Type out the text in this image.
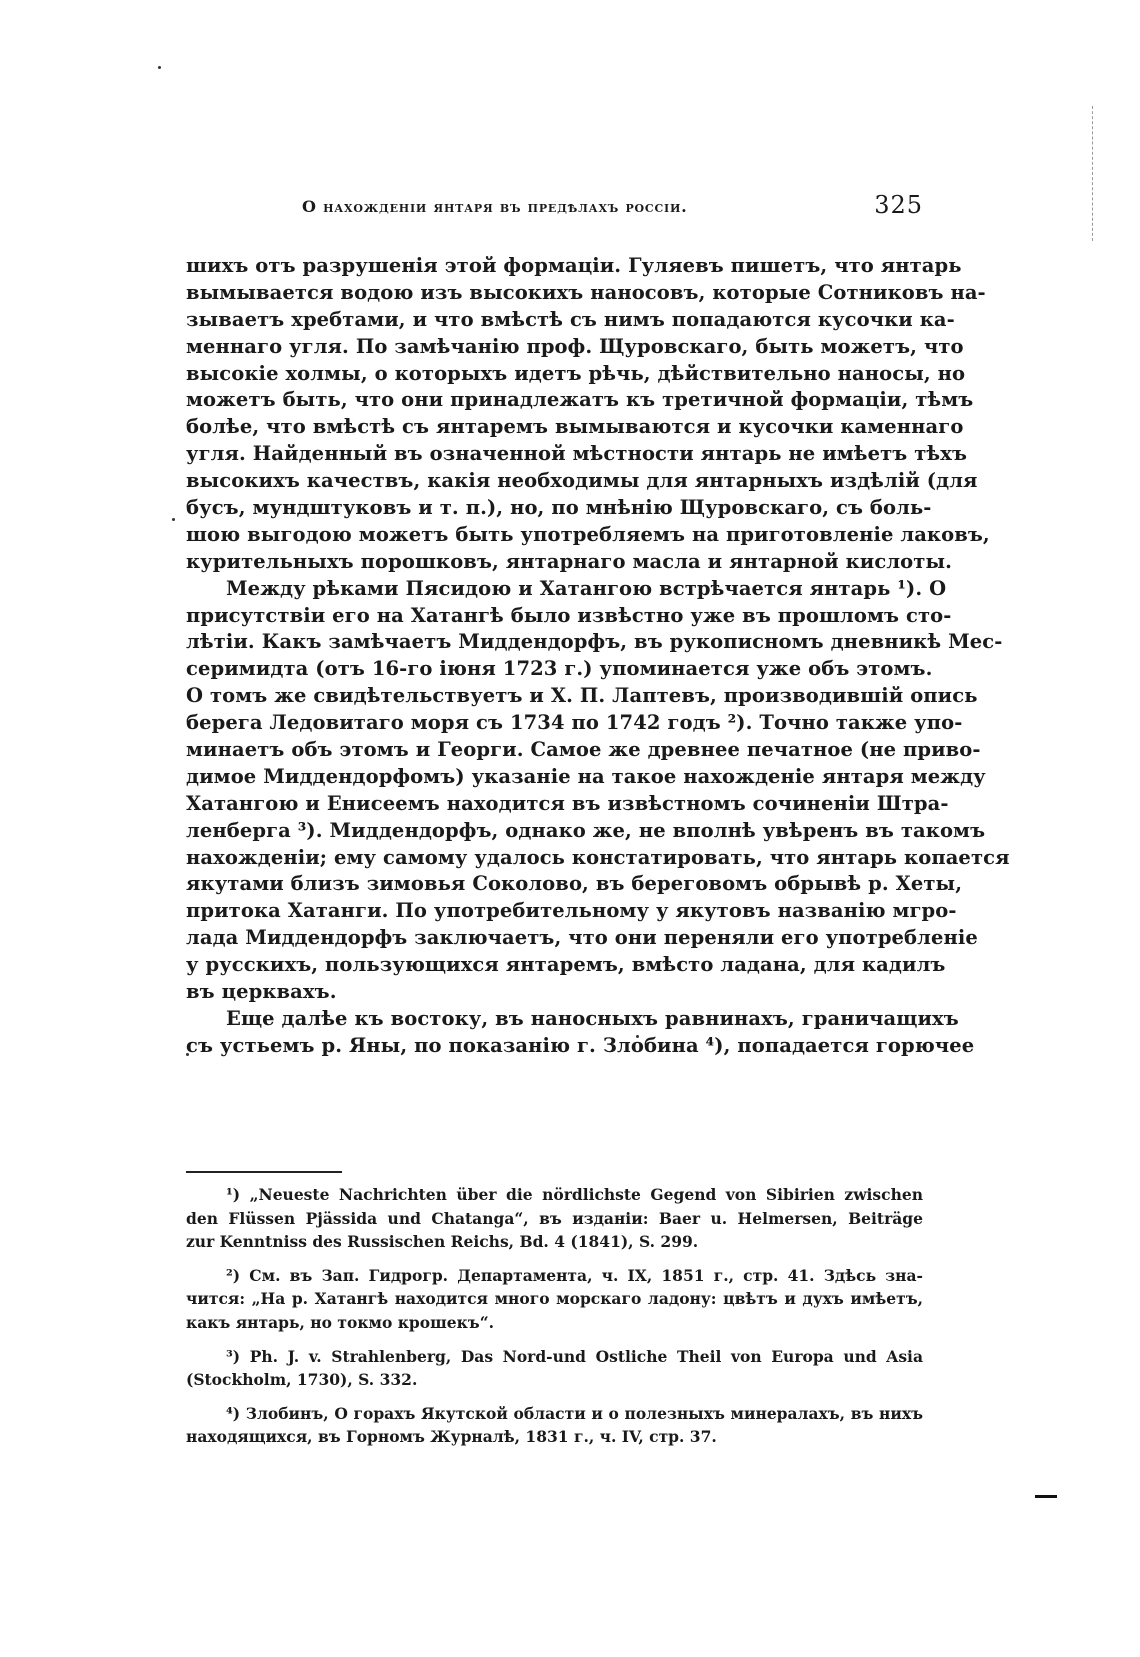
О нахожденіи янтаря въ предѣлахъ россіи.	325
шихъ отъ разрушенія этой формаціи. Гуляевъ пишетъ, что янтарь
вымывается водою изъ высокихъ наносовъ, которые Сотниковъ на-
зываетъ хребтами, и что вмѣстѣ съ нимъ попадаются кусочки ка-
меннаго угля. По замѣчанію проф. Щуровскаго, быть можетъ, что
высокіе холмы, о которыхъ идетъ рѣчь, дѣйствительно наносы, но
можетъ быть, что они принадлежатъ къ третичной формаціи, тѣмъ
болѣе, что вмѣстѣ съ янтаремъ вымываются и кусочки каменнаго
угля. Найденный въ означенной мѣстности янтарь не имѣетъ тѣхъ
высокихъ качествъ, какія необходимы для янтарныхъ издѣлій (для
бусъ, мундштуковъ и т. п.), но, по мнѣнію Щуровскаго, съ боль-
шою выгодою можетъ быть употребляемъ на приготовленіе лаковъ,
курительныхъ порошковъ, янтарнаго масла и янтарной кислоты.
Между рѣками Пясидою и Хатангою встрѣчается янтарь ¹). О
присутствіи его на Хатангѣ было извѣстно уже въ прошломъ сто-
лѣтіи. Какъ замѣчаетъ Миддендорфъ, въ рукописномъ дневникѣ Мес-
серимидта (отъ 16-го іюня 1723 г.) упоминается уже объ этомъ.
О томъ же свидѣтельствуетъ и Х. П. Лаптевъ, производившій опись
берега Ледовитаго моря съ 1734 по 1742 годъ ²). Точно также упо-
минаетъ объ этомъ и Георги. Самое же древнее печатное (не приво-
димое Миддендорфомъ) указаніе на такое нахожденіе янтаря между
Хатангою и Енисеемъ находится въ извѣстномъ сочиненіи Штра-
ленберга ³). Миддендорфъ, однако же, не вполнѣ увѣренъ въ такомъ
нахожденіи; ему самому удалось констатировать, что янтарь копается
якутами близъ зимовья Соколово, въ береговомъ обрывѣ р. Хеты,
притока Хатанги. По употребительному у якутовъ названію мгро-
лада Миддендорфъ заключаетъ, что они переняли его употребленіе
у русскихъ, пользующихся янтаремъ, вмѣсто ладана, для кадилъ
въ церквахъ.
Еще далѣе къ востоку, въ наносныхъ равнинахъ, граничащихъ
съ устьемъ р. Яны, по показанію г. Злобина ⁴), попадается горючее
¹) „Neueste Nachrichten über die nördlichste Gegend von Sibirien zwischen
den Flüssen Pjässida und Chatanga“, въ изданіи: Baer u. Helmersen, Beiträge
zur Kenntniss des Russischen Reichs, Bd. 4 (1841), S. 299.
²) См. въ Зап. Гидрогр. Департамента, ч. IX, 1851 г., стр. 41. Здѣсь зна-
чится: „На р. Хатангѣ находится много морскаго ладону: цвѣтъ и духъ имѣетъ,
какъ янтарь, но токмо крошекъ“.
³) Ph. J. v. Strahlenberg, Das Nord-und Ostliche Theil von Europa und Asia
(Stockholm, 1730), S. 332.
⁴) Злобинъ, О горахъ Якутской области и о полезныхъ минералахъ, въ нихъ
находящихся, въ Горномъ Журналѣ, 1831 г., ч. IV, стр. 37.
